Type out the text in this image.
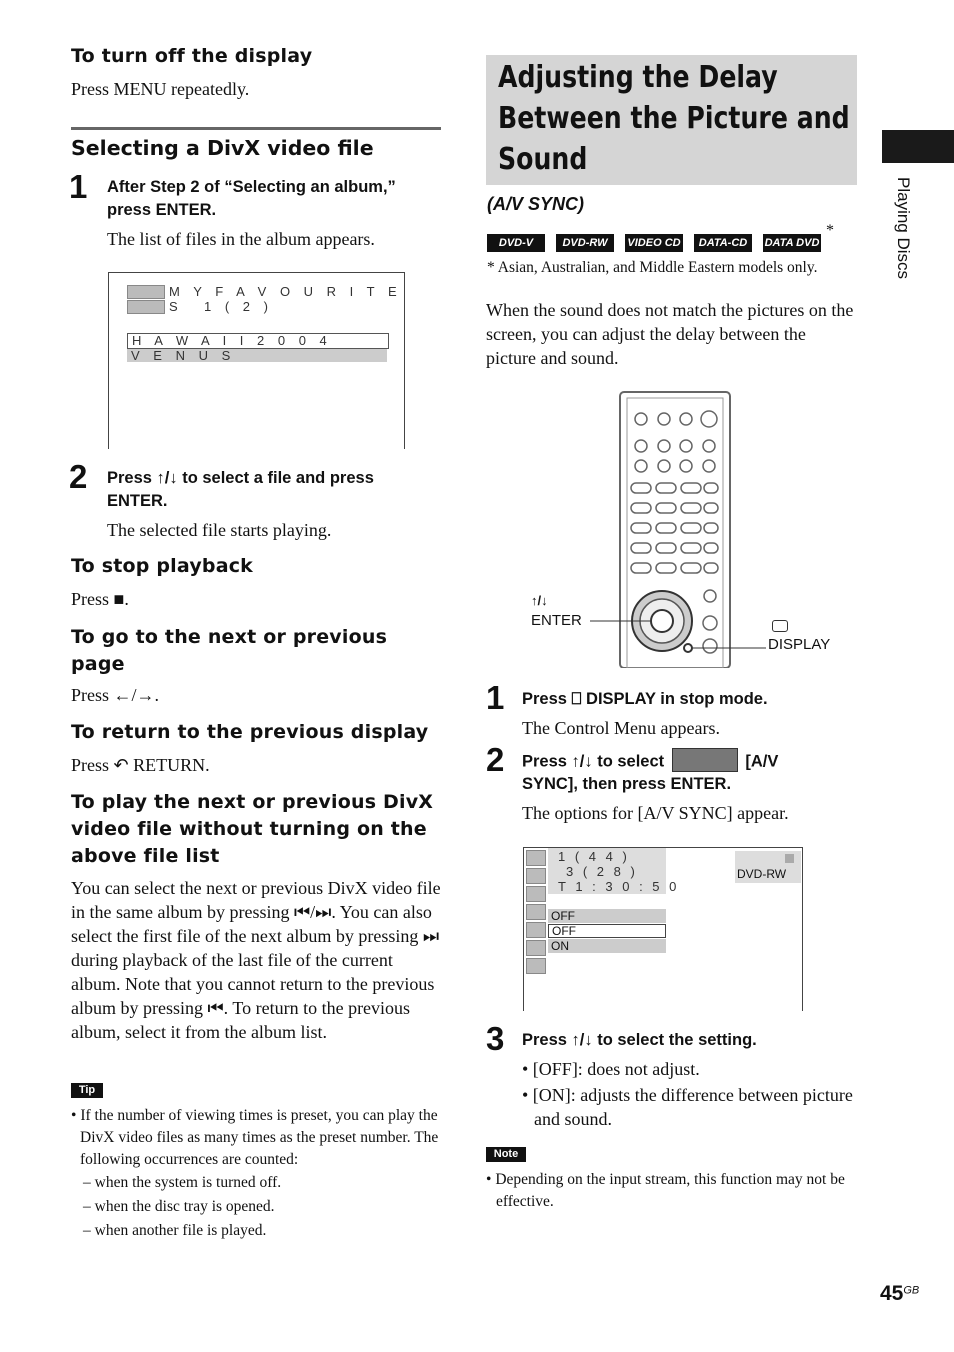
To turn off the display
Press MENU repeatedly.
Selecting a DivX video file
1 After Step 2 of “Selecting an album,” press ENTER.
The list of files in the album appears.
M Y F A V O U R I T E S	1 ( 2 )
H A W A I I 2 0 0 4
V E N U S
2 Press ↑/↓ to select a file and press ENTER.
The selected file starts playing.
To stop playback
Press ■.
To go to the next or previous page
Press ←/→.
To return to the previous display
Press ↶ RETURN.
To play the next or previous DivX video file without turning on the above file list
You can select the next or previous DivX video file in the same album by pressing ⏮/⏭. You can also select the first file of the next album by pressing ⏭ during playback of the last file of the current album. Note that you cannot return to the previous album by pressing ⏮. To return to the previous album, select it from the album list.
Tip
• If the number of viewing times is preset, you can play the DivX video files as many times as the preset number. The following occurrences are counted:
– when the system is turned off.
– when the disc tray is opened.
– when another file is played.
Adjusting the Delay
Between the Picture and
Sound
(A/V SYNC)
DVD-V	DVD-RW	VIDEO CD	DATA-CD	DATA DVD
*
* Asian, Australian, and Middle Eastern models only.
When the sound does not match the pictures on the screen, you can adjust the delay between the picture and sound.
↑/↓
ENTER
DISPLAY
1 Press ⎕ DISPLAY in stop mode.
The Control Menu appears.
2 Press ↑/↓ to select	[A/V
SYNC], then press ENTER.
The options for [A/V SYNC] appear.
1 ( 4 4 )
3 ( 2 8 )
T 1 : 3 0 : 5 0
DVD-RW
OFF
OFF
ON
3 Press ↑/↓ to select the setting.
• [OFF]: does not adjust.
• [ON]: adjusts the difference between picture and sound.
Note
• Depending on the input stream, this function may not be effective.
Playing Discs
$45^{GB}$
